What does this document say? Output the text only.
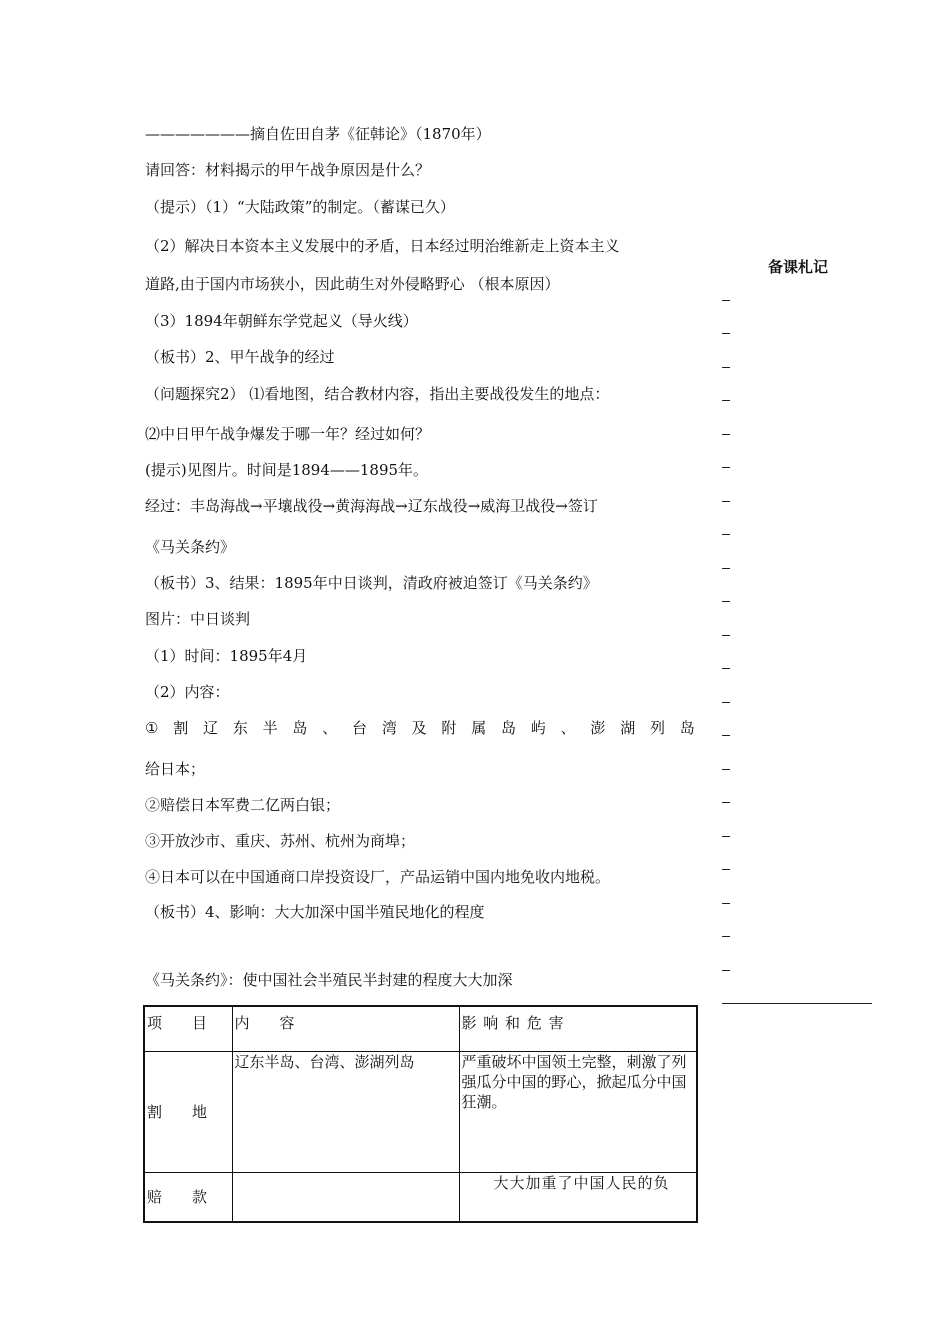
———————摘自佐田自茅《征韩论》（1870年）
请回答：材料揭示的甲午战争原因是什么？
（提示）（1）“大陆政策”的制定。（蓄谋已久）
（2）解决日本资本主义发展中的矛盾，日本经过明治维新走上资本主义
道路,由于国内市场狭小，因此萌生对外侵略野心 （根本原因）
（3）1894年朝鲜东学党起义（导火线）
（板书）2、甲午战争的经过
（问题探究2） ⑴看地图，结合教材内容，指出主要战役发生的地点：
⑵中日甲午战争爆发于哪一年？经过如何？
(提示)见图片。时间是1894——1895年。
经过：丰岛海战→平壤战役→黄海海战→辽东战役→威海卫战役→签订
《马关条约》
（板书）3、结果：1895年中日谈判，清政府被迫签订《马关条约》
图片：中日谈判
（1）时间：1895年4月
（2）内容：
① 割 辽 东 半 岛 、 台 湾 及 附 属 岛 屿 、 澎 湖 列 岛
给日本；
②赔偿日本军费二亿两白银；
③开放沙市、重庆、苏州、杭州为商埠；
④日本可以在中国通商口岸投资设厂，产品运销中国内地免收内地税。
（板书）4、影响：大大加深中国半殖民地化的程度
《马关条约》：使中国社会半殖民半封建的程度大大加深
备课札记
项　　目	内　　容	影 响 和 危 害
割　　地	辽东半岛、台湾、澎湖列岛	严重破坏中国领土完整，刺激了列强瓜分中国的野心，掀起瓜分中国狂潮。
赔　　款		　　大大加重了中国人民的负
